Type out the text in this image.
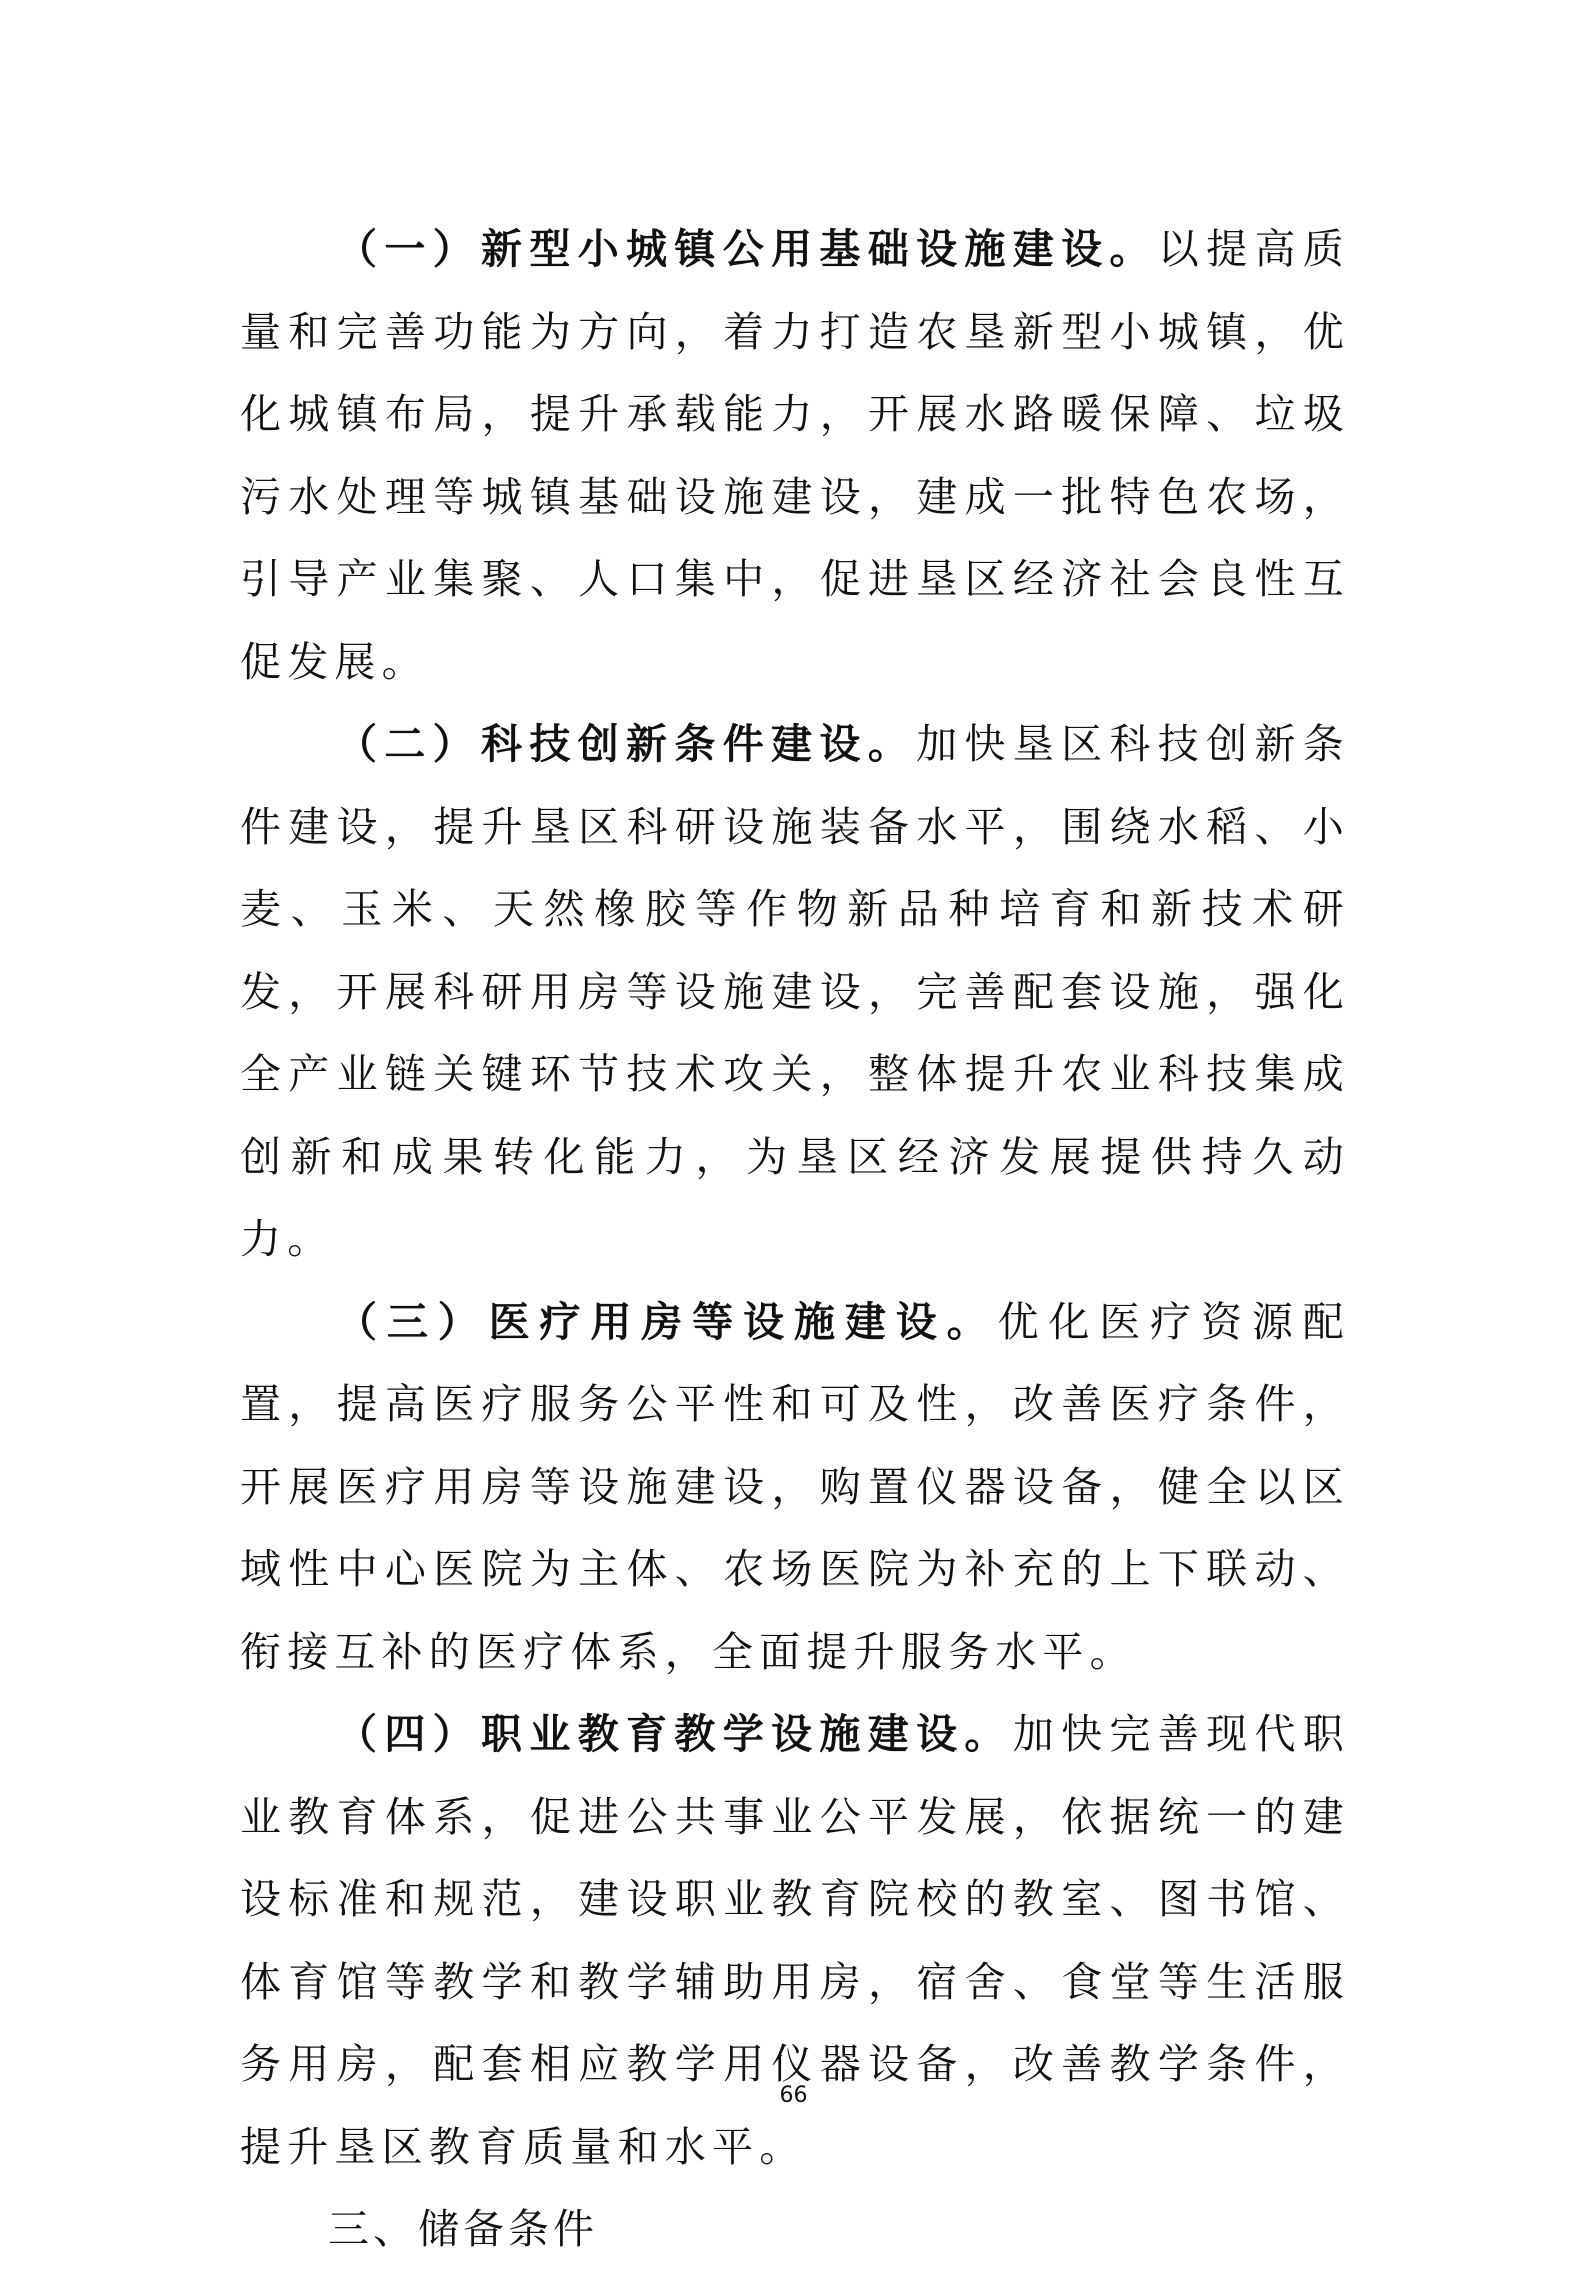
（一）新型小城镇公用基础设施建设。以提高质量和完善功能为方向，着力打造农垦新型小城镇，优化城镇布局，提升承载能力，开展水路暖保障、垃圾污水处理等城镇基础设施建设，建成一批特色农场，引导产业集聚、人口集中，促进垦区经济社会良性互促发展。

（二）科技创新条件建设。加快垦区科技创新条件建设，提升垦区科研设施装备水平，围绕水稻、小麦、玉米、天然橡胶等作物新品种培育和新技术研发，开展科研用房等设施建设，完善配套设施，强化全产业链关键环节技术攻关，整体提升农业科技集成创新和成果转化能力，为垦区经济发展提供持久动力。

（三）医疗用房等设施建设。优化医疗资源配置，提高医疗服务公平性和可及性，改善医疗条件，开展医疗用房等设施建设，购置仪器设备，健全以区域性中心医院为主体、农场医院为补充的上下联动、衔接互补的医疗体系，全面提升服务水平。

（四）职业教育教学设施建设。加快完善现代职业教育体系，促进公共事业公平发展，依据统一的建设标准和规范，建设职业教育院校的教室、图书馆、体育馆等教学和教学辅助用房，宿舍、食堂等生活服务用房，配套相应教学用仪器设备，改善教学条件，提升垦区教育质量和水平。

三、储备条件
66
